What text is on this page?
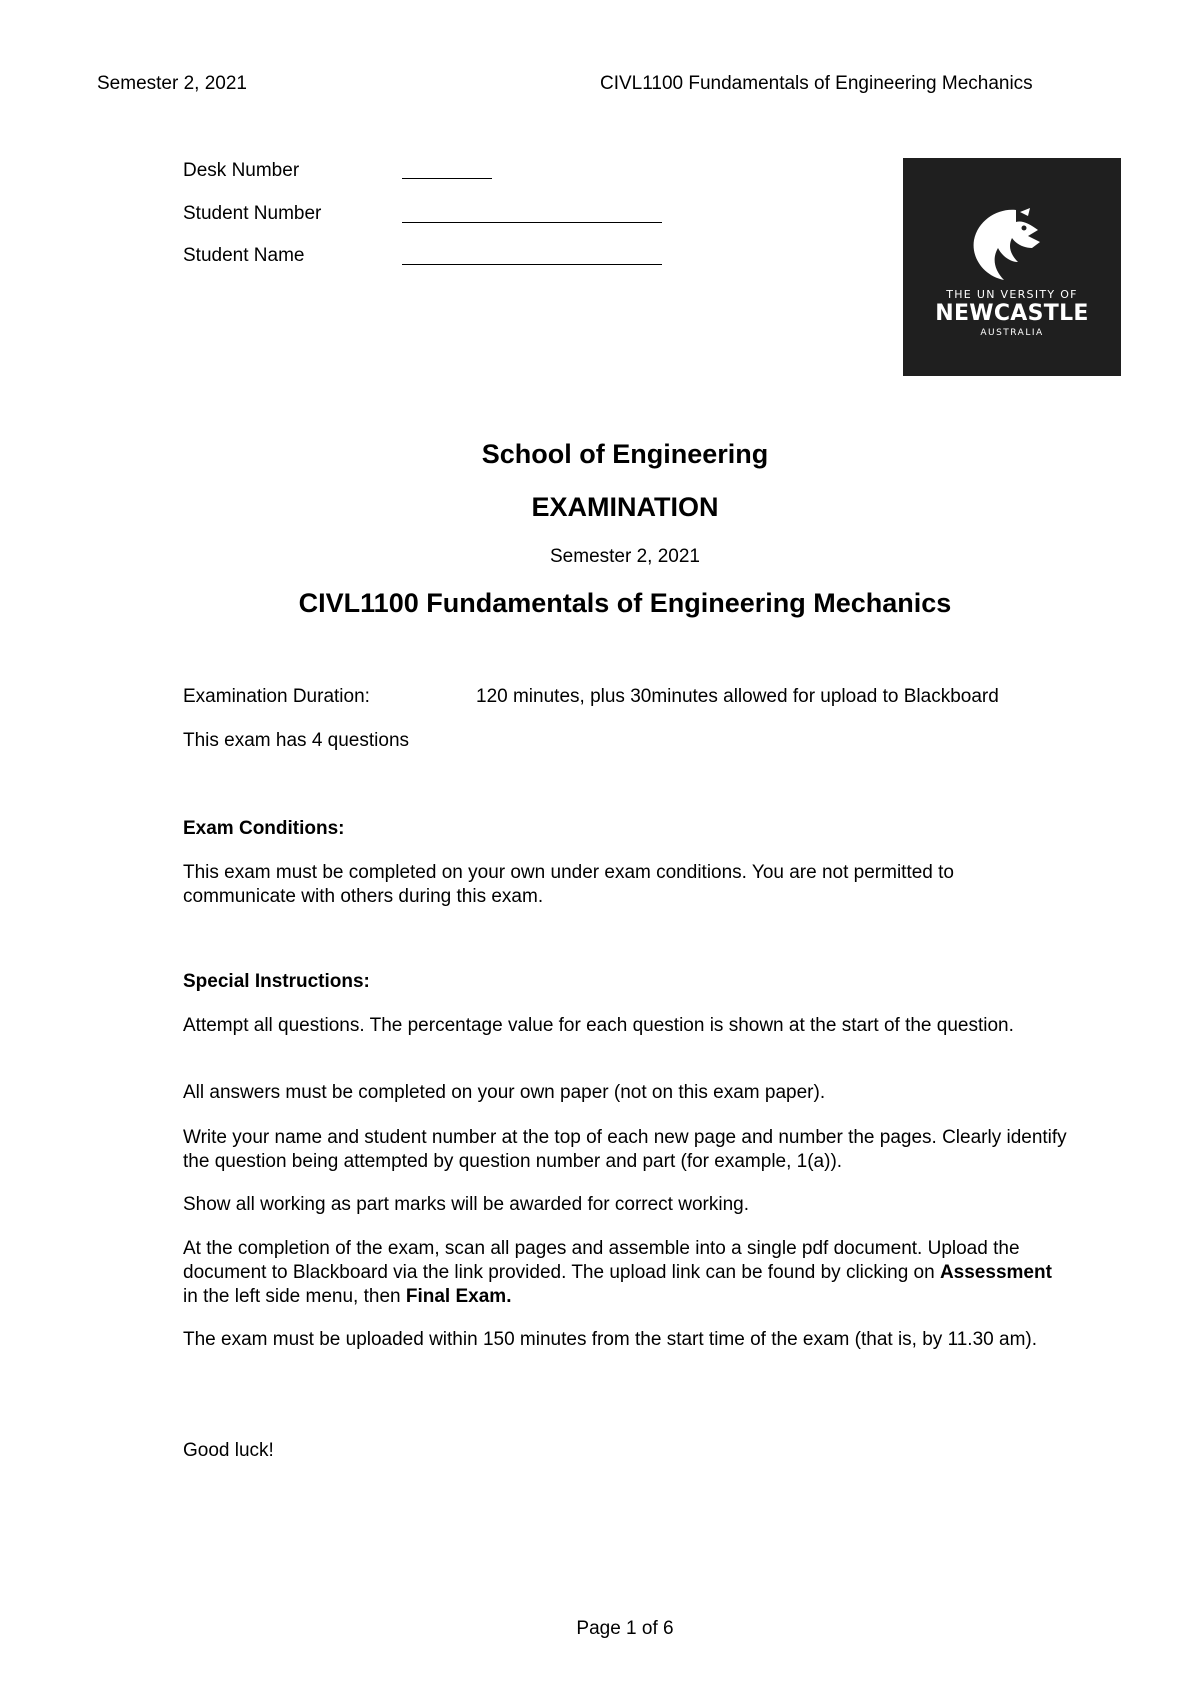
Semester 2, 2021	CIVL1100 Fundamentals of Engineering Mechanics
Desk Number
Student Number
Student Name
THE UN VERSITY OF
NEWCASTLE
AUSTRALIA
School of Engineering
EXAMINATION
Semester 2, 2021
CIVL1100 Fundamentals of Engineering Mechanics
Examination Duration:	120 minutes, plus 30minutes allowed for upload to Blackboard
This exam has 4 questions
Exam Conditions:
This exam must be completed on your own under exam conditions. You are not permitted to communicate with others during this exam.
Special Instructions:
Attempt all questions. The percentage value for each question is shown at the start of the question.
All answers must be completed on your own paper (not on this exam paper).
Write your name and student number at the top of each new page and number the pages. Clearly identify the question being attempted by question number and part (for example, 1(a)).
Show all working as part marks will be awarded for correct working.
At the completion of the exam, scan all pages and assemble into a single pdf document. Upload the document to Blackboard via the link provided. The upload link can be found by clicking on Assessment in the left side menu, then Final Exam.
The exam must be uploaded within 150 minutes from the start time of the exam (that is, by 11.30 am).
Good luck!
Page 1 of 6
